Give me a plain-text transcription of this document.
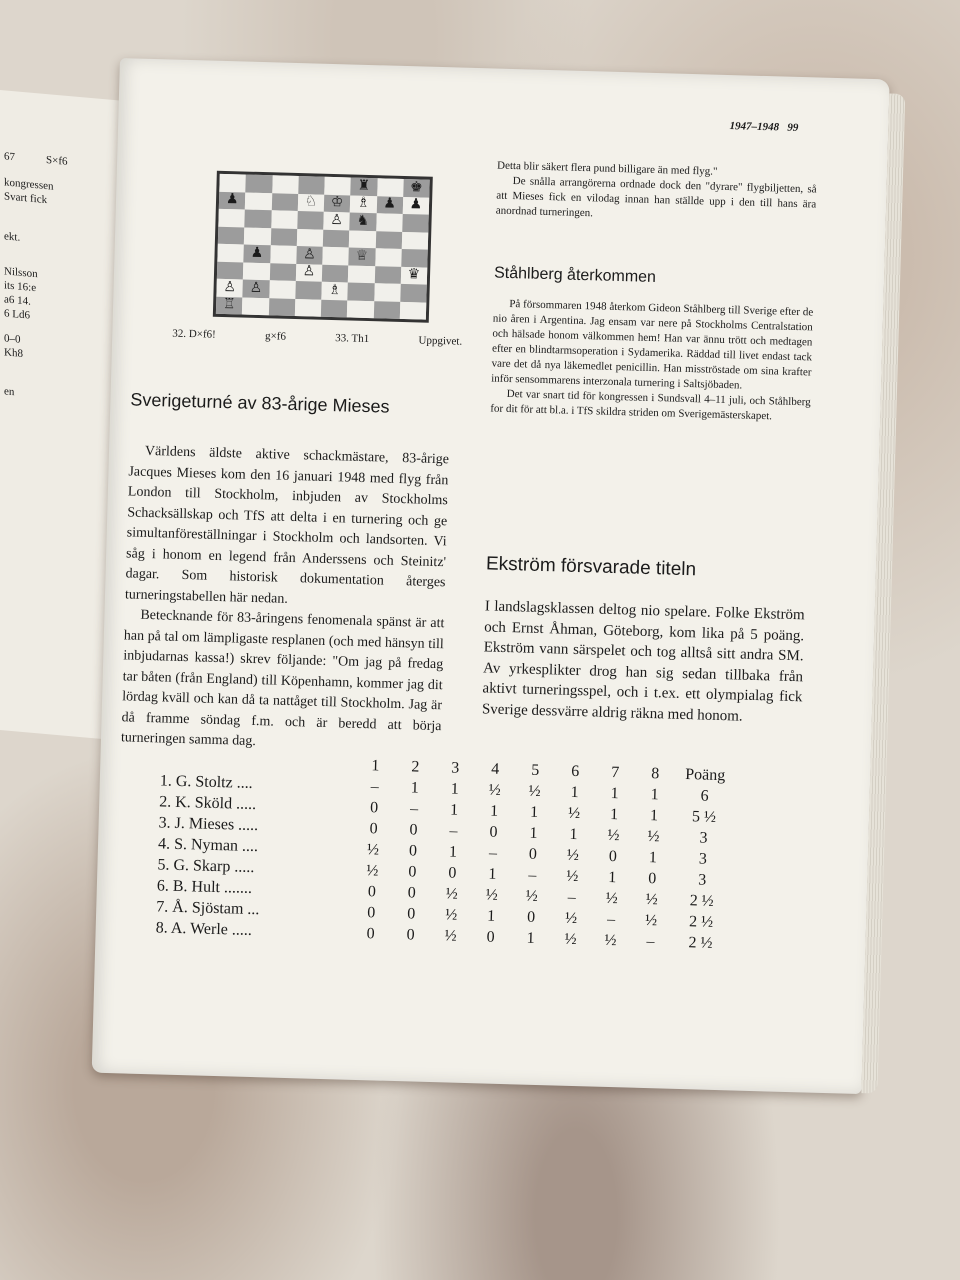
67	S×f6
kongressen
Svart fick
ekt.
Nilsson
its 16:e
a6 14.
6 Ld6
0–0
Kh8
en
1947–1948 99
♜	♚
♟	♘ ♔ ♗ ♟ ♟
♙ ♞
♟	♙	♕
♙	♛
♙ ♙	♗
♖
32. D×f6!	g×f6	33. Th1	Uppgivet.
Sverigeturné av 83-årige Mieses

Världens äldste aktive schackmästare, 83-årige Jacques Mieses kom den 16 januari 1948 med flyg från London till Stockholm, inbjuden av Stockholms Schacksällskap och TfS att delta i en turnering och ge simultanföreställningar i Stockholm och landsorten. Vi såg i honom en legend från Anderssens och Steinitz' dagar. Som historisk dokumentation återges turneringstabellen här nedan.

Betecknande för 83-åringens fenomenala spänst är att han på tal om lämpligaste resplanen (och med hänsyn till inbjudarnas kassa!) skrev följande: "Om jag på fredag tar båten (från England) till Köpenhamn, kommer jag dit lördag kväll och kan då ta nattåget till Stockholm. Jag är då framme söndag f.m. och är beredd att börja turneringen samma dag.

Detta blir säkert flera pund billigare än med flyg."

De snålla arrangörerna ordnade dock den "dyrare" flygbiljetten, så att Mieses fick en vilodag innan han ställde upp i den till hans ära anordnad turneringen.

Ståhlberg återkommen

På försommaren 1948 återkom Gideon Ståhlberg till Sverige efter de nio åren i Argentina. Jag ensam var nere på Stockholms Centralstation och hälsade honom välkommen hem! Han var ännu trött och medtagen efter en blindtarmsoperation i Sydamerika. Räddad till livet endast tack vare det då nya läkemedlet penicillin. Han misströstade om sina krafter inför sensommarens interzonala turnering i Saltsjöbaden.

Det var snart tid för kongressen i Sundsvall 4–11 juli, och Ståhlberg for dit för att bl.a. i TfS skildra striden om Sverigemästerskapet.

Ekström försvarade titeln

I landslagsklassen deltog nio spelare. Folke Ekström och Ernst Åhman, Göteborg, kom lika på 5 poäng. Ekström vann särspelet och tog alltså sitt andra SM. Av yrkesplikter drog han sig sedan tillbaka från aktivt turneringsspel, och i t.ex. ett olympialag fick Sverige dessvärre aldrig räkna med honom.

	1	2	3	4	5	6	7	8	Poäng
1. G. Stoltz ....	–	1	1	½	½	1	1	1	6
2. K. Sköld .....	0	–	1	1	1	½	1	1	5 ½
3. J. Mieses .....	0	0	–	0	1	1	½	½	3
4. S. Nyman ....	½	0	1	–	0	½	0	1	3
5. G. Skarp .....	½	0	0	1	–	½	1	0	3
6. B. Hult .......	0	0	½	½	½	–	½	½	2 ½
7. Å. Sjöstam ...	0	0	½	1	0	½	–	½	2 ½
8. A. Werle .....	0	0	½	0	1	½	½	–	2 ½
